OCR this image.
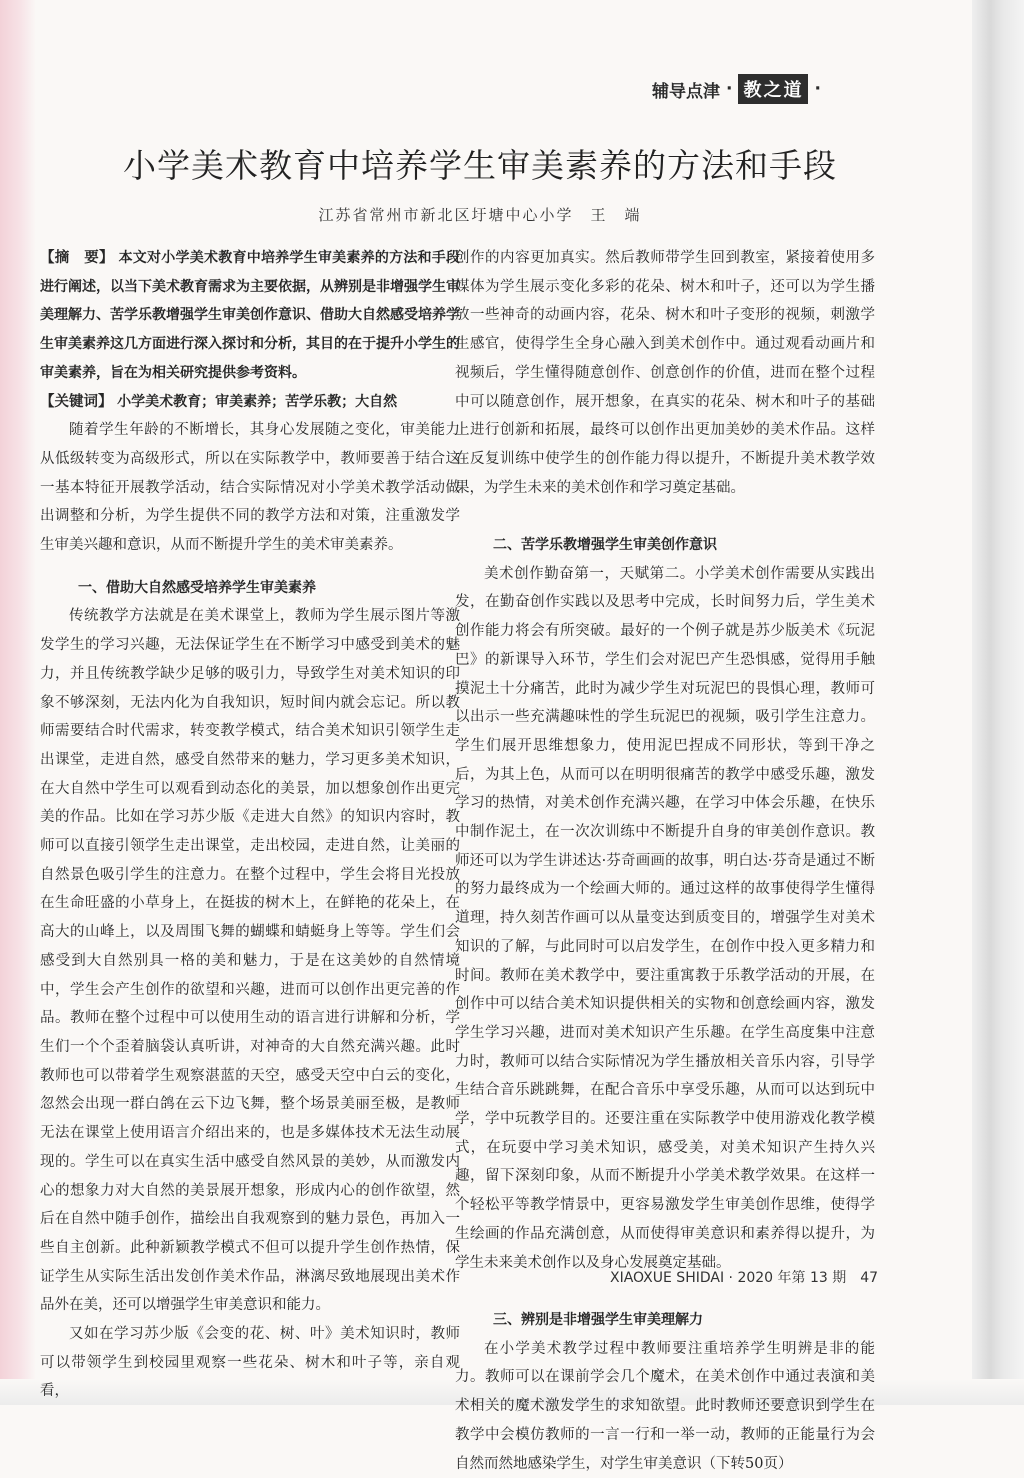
辅导点津 · 教之道 ·
小学美术教育中培养学生审美素养的方法和手段
江苏省常州市新北区圩塘中心小学　王　端

【摘　要】 本文对小学美术教育中培养学生审美素养的方法和手段进行阐述，以当下美术教育需求为主要依据，从辨别是非增强学生审美理解力、苦学乐教增强学生审美创作意识、借助大自然感受培养学生审美素养这几方面进行深入探讨和分析，其目的在于提升小学生的审美素养，旨在为相关研究提供参考资料。

【关键词】 小学美术教育；审美素养；苦学乐教；大自然

随着学生年龄的不断增长，其身心发展随之变化，审美能力从低级转变为高级形式，所以在实际教学中，教师要善于结合这一基本特征开展教学活动，结合实际情况对小学美术教学活动做出调整和分析，为学生提供不同的教学方法和对策，注重激发学生审美兴趣和意识，从而不断提升学生的美术审美素养。

一、借助大自然感受培养学生审美素养

传统教学方法就是在美术课堂上，教师为学生展示图片等激发学生的学习兴趣，无法保证学生在不断学习中感受到美术的魅力，并且传统教学缺少足够的吸引力，导致学生对美术知识的印象不够深刻，无法内化为自我知识，短时间内就会忘记。所以教师需要结合时代需求，转变教学模式，结合美术知识引领学生走出课堂，走进自然，感受自然带来的魅力，学习更多美术知识，在大自然中学生可以观看到动态化的美景，加以想象创作出更完美的作品。比如在学习苏少版《走进大自然》的知识内容时，教师可以直接引领学生走出课堂，走出校园，走进自然，让美丽的自然景色吸引学生的注意力。在整个过程中，学生会将目光投放在生命旺盛的小草身上，在挺拔的树木上，在鲜艳的花朵上，在高大的山峰上，以及周围飞舞的蝴蝶和蜻蜓身上等等。学生们会感受到大自然别具一格的美和魅力，于是在这美妙的自然情境中，学生会产生创作的欲望和兴趣，进而可以创作出更完善的作品。教师在整个过程中可以使用生动的语言进行讲解和分析，学生们一个个歪着脑袋认真听讲，对神奇的大自然充满兴趣。此时教师也可以带着学生观察湛蓝的天空，感受天空中白云的变化，忽然会出现一群白鸽在云下边飞舞，整个场景美丽至极，是教师无法在课堂上使用语言介绍出来的，也是多媒体技术无法生动展现的。学生可以在真实生活中感受自然风景的美妙，从而激发内心的想象力对大自然的美景展开想象，形成内心的创作欲望，然后在自然中随手创作，描绘出自我观察到的魅力景色，再加入一些自主创新。此种新颖教学模式不但可以提升学生创作热情，保证学生从实际生活出发创作美术作品，淋漓尽致地展现出美术作品外在美，还可以增强学生审美意识和能力。

又如在学习苏少版《会变的花、树、叶》美术知识时，教师可以带领学生到校园里观察一些花朵、树木和叶子等，亲自观看，

创作的内容更加真实。然后教师带学生回到教室，紧接着使用多媒体为学生展示变化多彩的花朵、树木和叶子，还可以为学生播放一些神奇的动画内容，花朵、树木和叶子变形的视频，刺激学生感官，使得学生全身心融入到美术创作中。通过观看动画片和视频后，学生懂得随意创作、创意创作的价值，进而在整个过程中可以随意创作，展开想象，在真实的花朵、树木和叶子的基础上进行创新和拓展，最终可以创作出更加美妙的美术作品。这样在反复训练中使学生的创作能力得以提升，不断提升美术教学效果，为学生未来的美术创作和学习奠定基础。

二、苦学乐教增强学生审美创作意识

美术创作勤奋第一，天赋第二。小学美术创作需要从实践出发，在勤奋创作实践以及思考中完成，长时间努力后，学生美术创作能力将会有所突破。最好的一个例子就是苏少版美术《玩泥巴》的新课导入环节，学生们会对泥巴产生恐惧感，觉得用手触摸泥土十分痛苦，此时为减少学生对玩泥巴的畏惧心理，教师可以出示一些充满趣味性的学生玩泥巴的视频，吸引学生注意力。学生们展开思维想象力，使用泥巴捏成不同形状，等到干净之后，为其上色，从而可以在明明很痛苦的教学中感受乐趣，激发学习的热情，对美术创作充满兴趣，在学习中体会乐趣，在快乐中制作泥土，在一次次训练中不断提升自身的审美创作意识。教师还可以为学生讲述达·芬奇画画的故事，明白达·芬奇是通过不断的努力最终成为一个绘画大师的。通过这样的故事使得学生懂得道理，持久刻苦作画可以从量变达到质变目的，增强学生对美术知识的了解，与此同时可以启发学生，在创作中投入更多精力和时间。教师在美术教学中，要注重寓教于乐教学活动的开展，在创作中可以结合美术知识提供相关的实物和创意绘画内容，激发学生学习兴趣，进而对美术知识产生乐趣。在学生高度集中注意力时，教师可以结合实际情况为学生播放相关音乐内容，引导学生结合音乐跳跳舞，在配合音乐中享受乐趣，从而可以达到玩中学，学中玩教学目的。还要注重在实际教学中使用游戏化教学模式，在玩耍中学习美术知识，感受美，对美术知识产生持久兴趣，留下深刻印象，从而不断提升小学美术教学效果。在这样一个轻松平等教学情景中，更容易激发学生审美创作思维，使得学生绘画的作品充满创意，从而使得审美意识和素养得以提升，为学生未来美术创作以及身心发展奠定基础。

三、辨别是非增强学生审美理解力

在小学美术教学过程中教师要注重培养学生明辨是非的能力。教师可以在课前学会几个魔术，在美术创作中通过表演和美术相关的魔术激发学生的求知欲望。此时教师还要意识到学生在教学中会模仿教师的一言一行和一举一动，教师的正能量行为会自然而然地感染学生，对学生审美意识（下转50页）

XIAOXUE SHIDAI · 2020 年第 13 期　47
